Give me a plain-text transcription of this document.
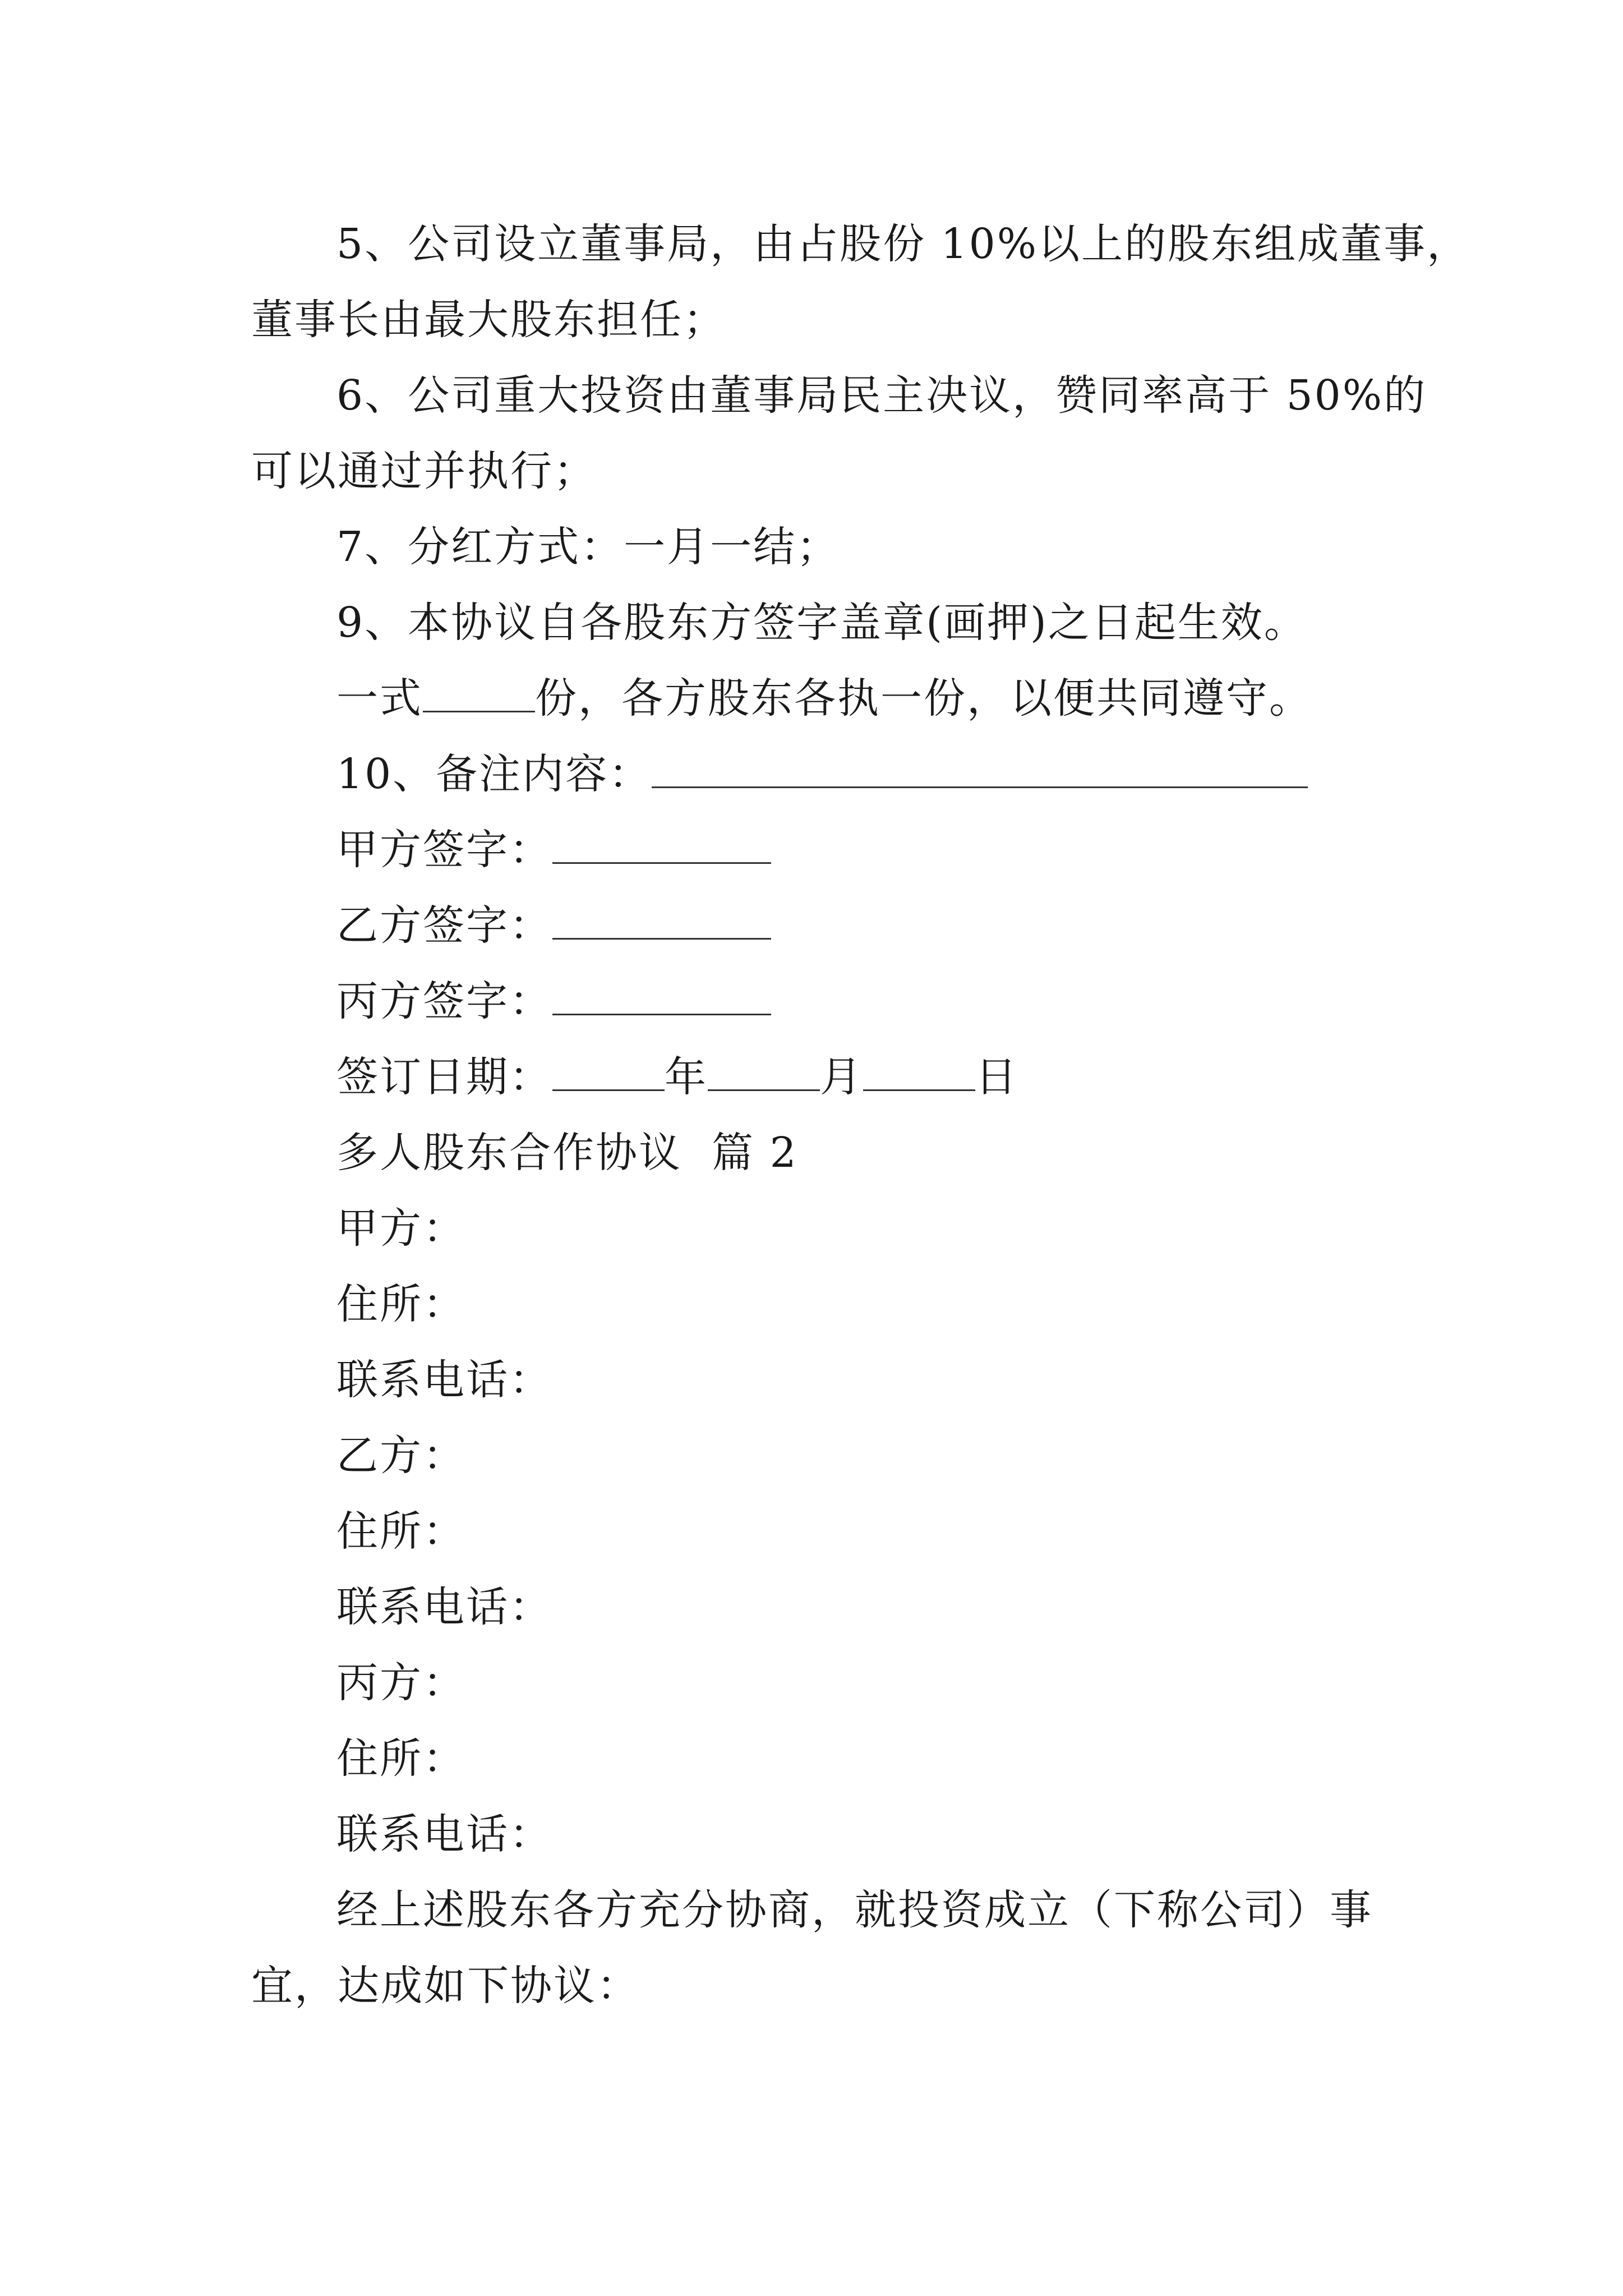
5、公司设立董事局，由占股份 10%以上的股东组成董事，
董事长由最大股东担任；
6、公司重大投资由董事局民主决议，赞同率高于 50%的
可以通过并执行；
7、分红方式：一月一结；
9、本协议自各股东方签字盖章(画押)之日起生效。
一式	份，各方股东各执一份，以便共同遵守。
10、备注内容：
甲方签字：
乙方签字：
丙方签字：
签订日期：	年	月	日
多人股东合作协议  篇 2
甲方：
住所：
联系电话：
乙方：
住所：
联系电话：
丙方：
住所：
联系电话：
经上述股东各方充分协商，就投资成立（下称公司）事
宜，达成如下协议：
